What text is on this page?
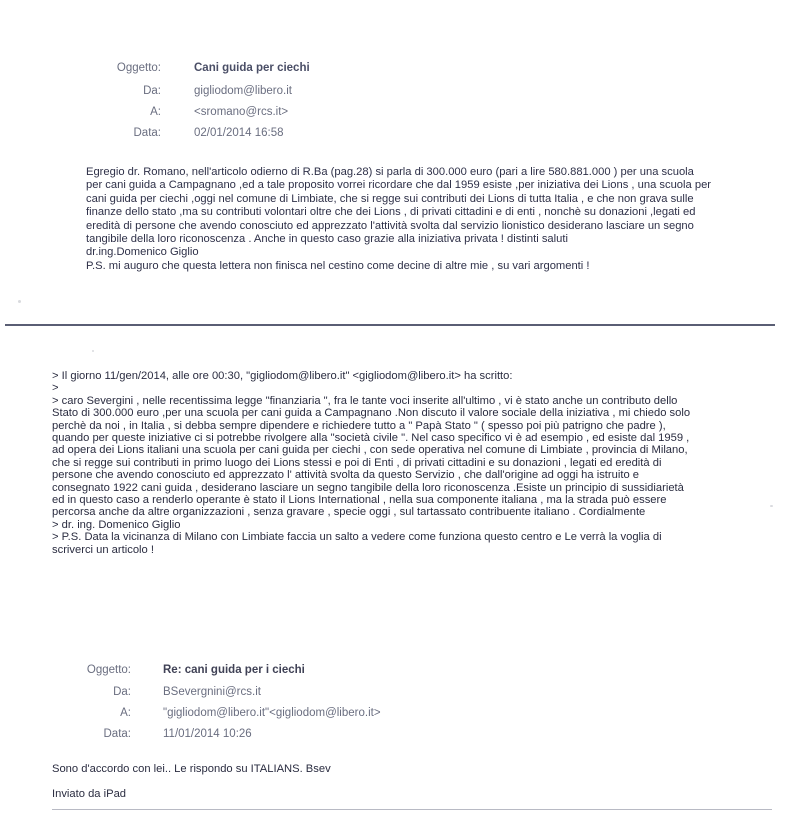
Oggetto:	Cani guida per ciechi
Da:	gigliodom@libero.it
A:	<sromano@rcs.it>
Data:	02/01/2014 16:58

Egregio dr. Romano, nell'articolo odierno di R.Ba (pag.28) si parla di 300.000 euro (pari a lire 580.881.000 ) per una scuola per cani guida a Campagnano ,ed a tale proposito vorrei ricordare che dal 1959 esiste ,per iniziativa dei Lions , una scuola per cani guida per ciechi ,oggi nel comune di Limbiate, che si regge sui contributi dei Lions di tutta Italia , e che non grava sulle finanze dello stato ,ma su contributi volontari oltre che dei Lions , di privati cittadini e di enti , nonchè su donazioni ,legati ed eredità di persone che avendo conosciuto ed apprezzato l'attività svolta dal servizio lionistico desiderano lasciare un segno tangibile della loro riconoscenza . Anche in questo caso grazie alla iniziativa privata ! distinti saluti

dr.ing.Domenico Giglio

P.S. mi auguro che questa lettera non finisca nel cestino come decine di altre mie , su vari argomenti !

> Il giorno 11/gen/2014, alle ore 00:30, "gigliodom@libero.it" <gigliodom@libero.it> ha scritto:

>

> caro Severgini , nelle recentissima legge "finanziaria ", fra le tante voci inserite all'ultimo , vi è stato anche un contributo dello Stato di 300.000 euro ,per una scuola per cani guida a Campagnano .Non discuto il valore sociale della iniziativa , mi chiedo solo perchè da noi , in Italia , si debba sempre dipendere e richiedere tutto a " Papà Stato " ( spesso poi più patrigno che padre ), quando per queste iniziative ci si potrebbe rivolgere alla "società civile ". Nel caso specifico vi è ad esempio , ed esiste dal 1959 , ad opera dei Lions italiani una scuola per cani guida per ciechi , con sede operativa nel comune di Limbiate , provincia di Milano, che si regge sui contributi in primo luogo dei Lions stessi e poi di Enti , di privati cittadini e su donazioni , legati ed eredità di persone che avendo conosciuto ed apprezzato l' attività svolta da questo Servizio , che dall'origine ad oggi ha istruito e consegnato 1922 cani guida , desiderano lasciare un segno tangibile della loro riconoscenza .Esiste un principio di sussidiarietà ed in questo caso a renderlo operante è stato il Lions International , nella sua componente italiana , ma la strada può essere percorsa anche da altre organizzazioni , senza gravare , specie oggi , sul tartassato contribuente italiano . Cordialmente

> dr. ing. Domenico Giglio

> P.S. Data la vicinanza di Milano con Limbiate faccia un salto a vedere come funziona questo centro e Le verrà la voglia di scriverci un articolo !

Oggetto:	Re: cani guida per i ciechi
Da:	BSevergnini@rcs.it
A:	"gigliodom@libero.it"<gigliodom@libero.it>
Data:	11/01/2014 10:26
Sono d'accordo con lei.. Le rispondo su ITALIANS. Bsev
Inviato da iPad
